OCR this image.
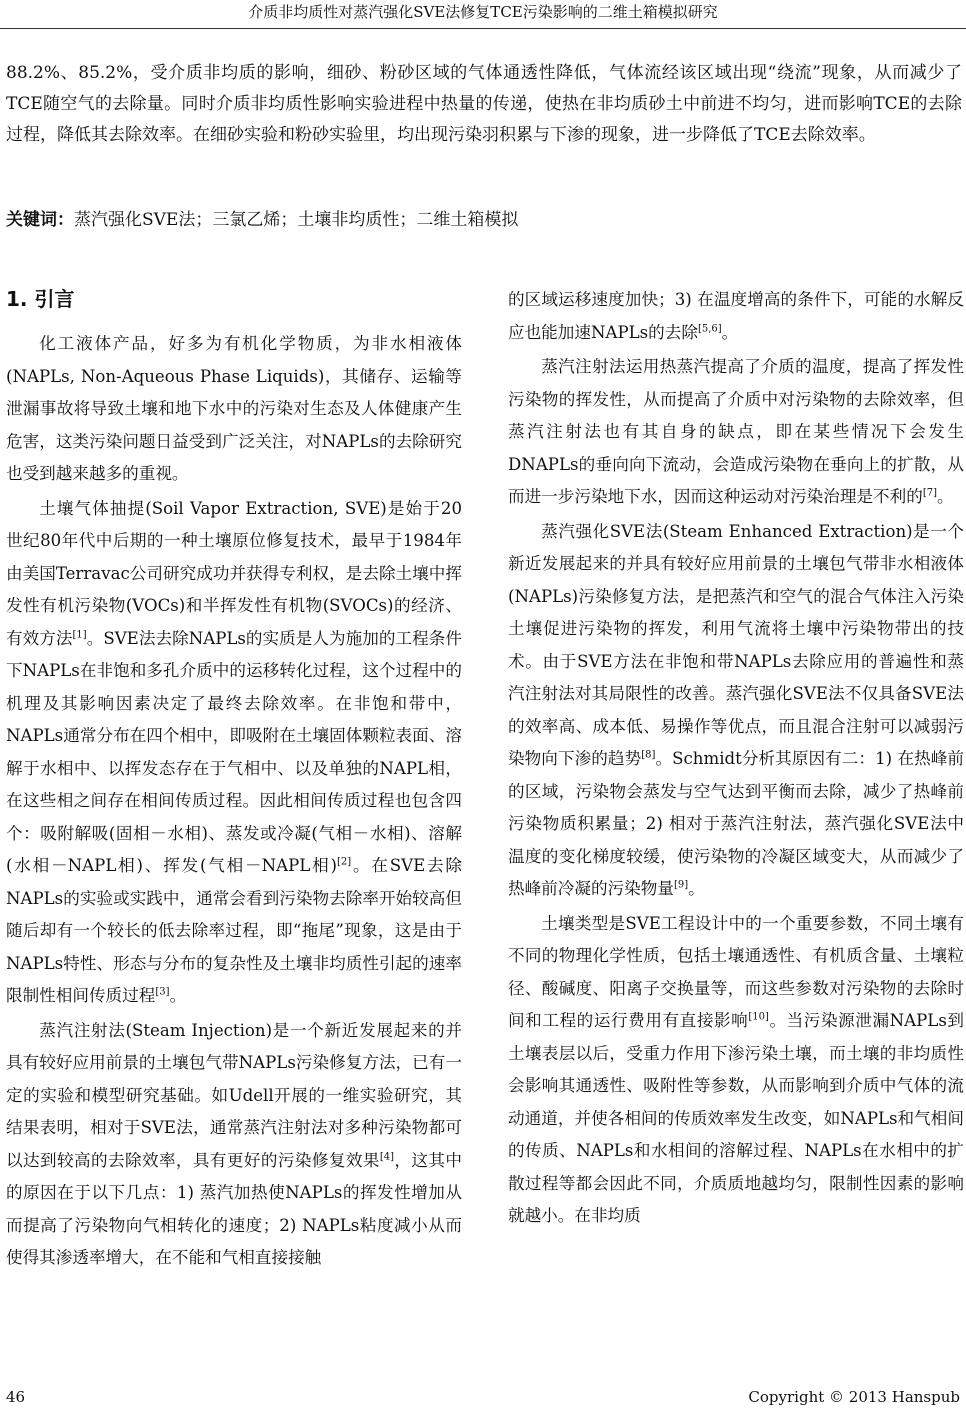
介质非均质性对蒸汽强化SVE法修复TCE污染影响的二维土箱模拟研究

88.2%、85.2%，受介质非均质的影响，细砂、粉砂区域的气体通透性降低，气体流经该区域出现“绕流”现象，从而减少了TCE随空气的去除量。同时介质非均质性影响实验进程中热量的传递，使热在非均质砂土中前进不均匀，进而影响TCE的去除过程，降低其去除效率。在细砂实验和粉砂实验里，均出现污染羽积累与下渗的现象，进一步降低了TCE去除效率。

关键词：蒸汽强化SVE法；三氯乙烯；土壤非均质性；二维土箱模拟
1. 引言

化工液体产品，好多为有机化学物质，为非水相液体(NAPLs, Non-Aqueous Phase Liquids)，其储存、运输等泄漏事故将导致土壤和地下水中的污染对生态及人体健康产生危害，这类污染问题日益受到广泛关注，对NAPLs的去除研究也受到越来越多的重视。

土壤气体抽提(Soil Vapor Extraction, SVE)是始于20世纪80年代中后期的一种土壤原位修复技术，最早于1984年由美国Terravac公司研究成功并获得专利权，是去除土壤中挥发性有机污染物(VOCs)和半挥发性有机物(SVOCs)的经济、有效方法[1]。SVE法去除NAPLs的实质是人为施加的工程条件下NAPLs在非饱和多孔介质中的运移转化过程，这个过程中的机理及其影响因素决定了最终去除效率。在非饱和带中，NAPLs通常分布在四个相中，即吸附在土壤固体颗粒表面、溶解于水相中、以挥发态存在于气相中、以及单独的NAPL相，在这些相之间存在相间传质过程。因此相间传质过程也包含四个：吸附解吸(固相－水相)、蒸发或冷凝(气相－水相)、溶解(水相－NAPL相)、挥发(气相－NAPL相)[2]。在SVE去除NAPLs的实验或实践中，通常会看到污染物去除率开始较高但随后却有一个较长的低去除率过程，即“拖尾”现象，这是由于NAPLs特性、形态与分布的复杂性及土壤非均质性引起的速率限制性相间传质过程[3]。

蒸汽注射法(Steam Injection)是一个新近发展起来的并具有较好应用前景的土壤包气带NAPLs污染修复方法，已有一定的实验和模型研究基础。如Udell开展的一维实验研究，其结果表明，相对于SVE法，通常蒸汽注射法对多种污染物都可以达到较高的去除效率，具有更好的污染修复效果[4]，这其中的原因在于以下几点：1) 蒸汽加热使NAPLs的挥发性增加从而提高了污染物向气相转化的速度；2) NAPLs粘度减小从而使得其渗透率增大，在不能和气相直接接触

的区域运移速度加快；3) 在温度增高的条件下，可能的水解反应也能加速NAPLs的去除[5,6]。

蒸汽注射法运用热蒸汽提高了介质的温度，提高了挥发性污染物的挥发性，从而提高了介质中对污染物的去除效率，但蒸汽注射法也有其自身的缺点，即在某些情况下会发生DNAPLs的垂向向下流动，会造成污染物在垂向上的扩散，从而进一步污染地下水，因而这种运动对污染治理是不利的[7]。

蒸汽强化SVE法(Steam Enhanced Extraction)是一个新近发展起来的并具有较好应用前景的土壤包气带非水相液体(NAPLs)污染修复方法，是把蒸汽和空气的混合气体注入污染土壤促进污染物的挥发，利用气流将土壤中污染物带出的技术。由于SVE方法在非饱和带NAPLs去除应用的普遍性和蒸汽注射法对其局限性的改善。蒸汽强化SVE法不仅具备SVE法的效率高、成本低、易操作等优点，而且混合注射可以减弱污染物向下渗的趋势[8]。Schmidt分析其原因有二：1) 在热峰前的区域，污染物会蒸发与空气达到平衡而去除，减少了热峰前污染物质积累量；2) 相对于蒸汽注射法，蒸汽强化SVE法中温度的变化梯度较缓，使污染物的冷凝区域变大，从而减少了热峰前冷凝的污染物量[9]。

土壤类型是SVE工程设计中的一个重要参数，不同土壤有不同的物理化学性质，包括土壤通透性、有机质含量、土壤粒径、酸碱度、阳离子交换量等，而这些参数对污染物的去除时间和工程的运行费用有直接影响[10]。当污染源泄漏NAPLs到土壤表层以后，受重力作用下渗污染土壤，而土壤的非均质性会影响其通透性、吸附性等参数，从而影响到介质中气体的流动通道，并使各相间的传质效率发生改变，如NAPLs和气相间的传质、NAPLs和水相间的溶解过程、NAPLs在水相中的扩散过程等都会因此不同，介质质地越均匀，限制性因素的影响就越小。在非均质

46	Copyright © 2013 Hanspub
